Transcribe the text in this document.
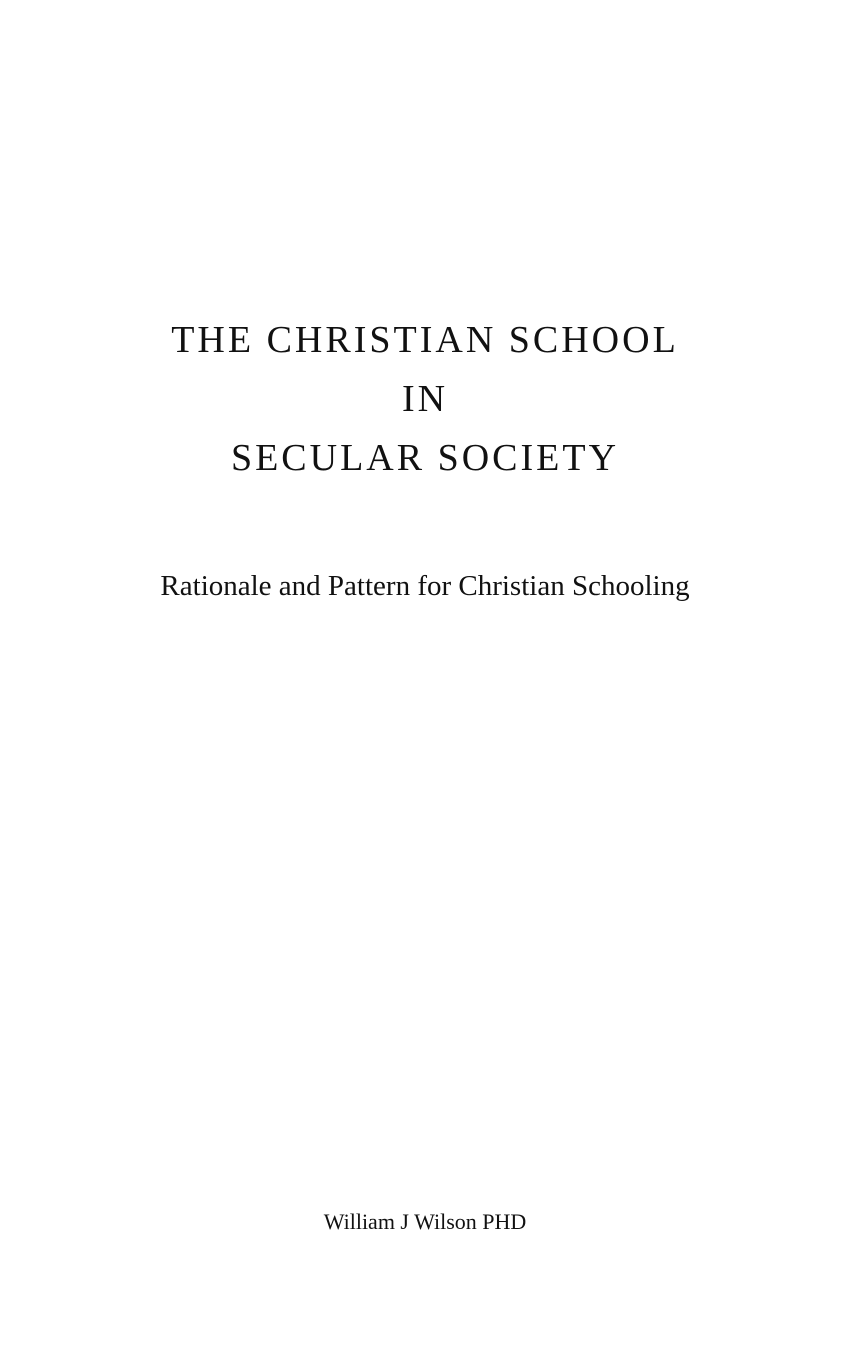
THE CHRISTIAN SCHOOL
IN
SECULAR SOCIETY

Rationale and Pattern for Christian Schooling

William J Wilson PHD
